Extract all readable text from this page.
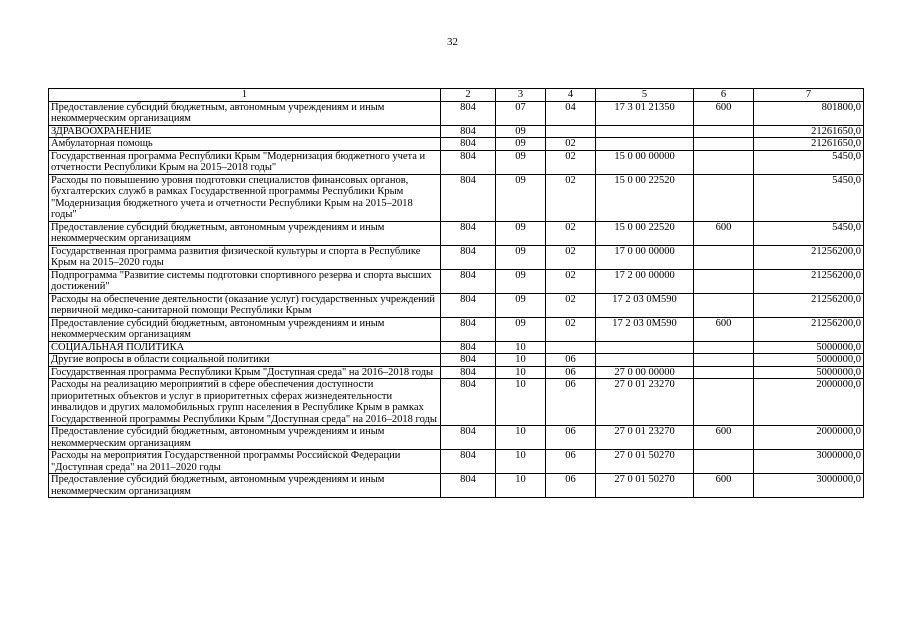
32
1	2	3	4	5	6	7
Предоставление субсидий бюджетным, автономным учреждениям и иным некоммерческим организациям	804	07	04	17 3 01 21350	600	801800,0
ЗДРАВООХРАНЕНИЕ	804	09				21261650,0
Амбулаторная помощь	804	09	02			21261650,0
Государственная программа Республики Крым "Модернизация бюджетного учета и отчетности Республики Крым на 2015–2018 годы"	804	09	02	15 0 00 00000		5450,0
Расходы по повышению уровня подготовки специалистов финансовых органов, бухгалтерских служб в рамках Государственной программы Республики Крым "Модернизация бюджетного учета и отчетности Республики Крым на 2015–2018 годы"	804	09	02	15 0 00 22520		5450,0
Предоставление субсидий бюджетным, автономным учреждениям и иным некоммерческим организациям	804	09	02	15 0 00 22520	600	5450,0
Государственная программа развития физической культуры и спорта в Республике Крым на 2015–2020 годы	804	09	02	17 0 00 00000		21256200,0
Подпрограмма "Развитие системы подготовки спортивного резерва и спорта высших достижений"	804	09	02	17 2 00 00000		21256200,0
Расходы на обеспечение деятельности (оказание услуг) государственных учреждений первичной медико-санитарной помощи Республики Крым	804	09	02	17 2 03 0М590		21256200,0
Предоставление субсидий бюджетным, автономным учреждениям и иным некоммерческим организациям	804	09	02	17 2 03 0М590	600	21256200,0
СОЦИАЛЬНАЯ ПОЛИТИКА	804	10				5000000,0
Другие вопросы в области социальной политики	804	10	06			5000000,0
Государственная программа Республики Крым "Доступная среда" на 2016–2018 годы	804	10	06	27 0 00 00000		5000000,0
Расходы на реализацию мероприятий в сфере обеспечения доступности приоритетных объектов и услуг в приоритетных сферах жизнедеятельности инвалидов и других маломобильных групп населения в Республике Крым в рамках Государственной программы Республики Крым "Доступная среда" на 2016–2018 годы	804	10	06	27 0 01 23270		2000000,0
Предоставление субсидий бюджетным, автономным учреждениям и иным некоммерческим организациям	804	10	06	27 0 01 23270	600	2000000,0
Расходы на мероприятия Государственной программы Российской Федерации "Доступная среда" на 2011–2020 годы	804	10	06	27 0 01 50270		3000000,0
Предоставление субсидий бюджетным, автономным учреждениям и иным некоммерческим организациям	804	10	06	27 0 01 50270	600	3000000,0
